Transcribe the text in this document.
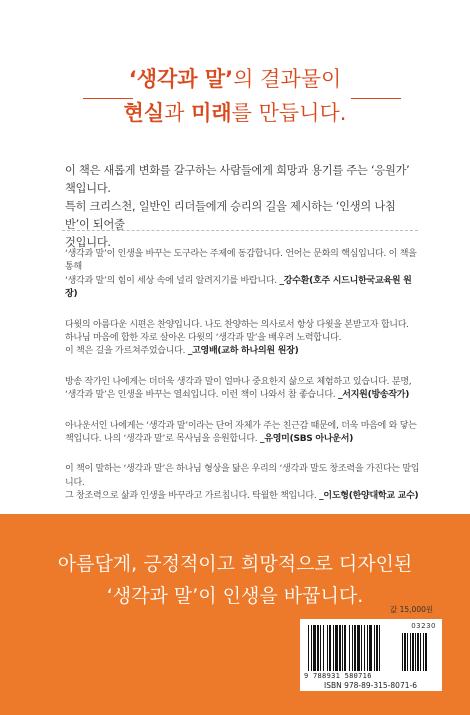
‘생각과 말’의 결과물이
현실과 미래를 만듭니다.

이 책은 새롭게 변화를 갈구하는 사람들에게 희망과 용기를 주는 ‘응원가’ 책입니다.

특히 크리스천, 일반인 리더들에게 승리의 길을 제시하는 ‘인생의 나침반’이 되어줄

것입니다.

‘생각과 말’이 인생을 바꾸는 도구라는 주제에 동감합니다. 언어는 문화의 핵심입니다. 이 책을 통해
‘생각과 말’의 힘이 세상 속에 널리 알려지기를 바랍니다. _강수환(호주 시드니한국교육원 원장)
다윗의 아름다운 시편은 찬양입니다. 나도 찬양하는 의사로서 항상 다윗을 본받고자 합니다.
하나님 마음에 합한 자로 살아온 다윗의 ‘생각과 말’을 배우려 노력합니다.
이 책은 길을 가르쳐주었습니다. _고영배(교하 하나의원 원장)
방송 작가인 나에게는 더더욱 생각과 말이 얼마나 중요한지 삶으로 체험하고 있습니다. 분명,
‘생각과 말’은 인생을 바꾸는 열쇠입니다. 이런 책이 나와서 참 좋습니다. _서지원(방송작가)
아나운서인 나에게는 ‘생각과 말’이라는 단어 자체가 주는 친근감 때문에, 더욱 마음에 와 닿는
책입니다. 나의 ‘생각과 말’로 목사님을 응원합니다. _유영미(SBS 아나운서)
이 책이 말하는 ‘생각과 말’은 하나님 형상을 닮은 우리의 ‘생각과 말도 창조력을 가진다는 말입니다.
그 창조력으로 삶과 인생을 바꾸라고 가르칩니다. 탁월한 책입니다. _이도형(한양대학교 교수)
아름답게, 긍정적이고 희망적으로 디자인된
‘생각과 말’이 인생을 바꿉니다.
값 15,000원
03230
9 788931 580716
ISBN 978-89-315-8071-6
